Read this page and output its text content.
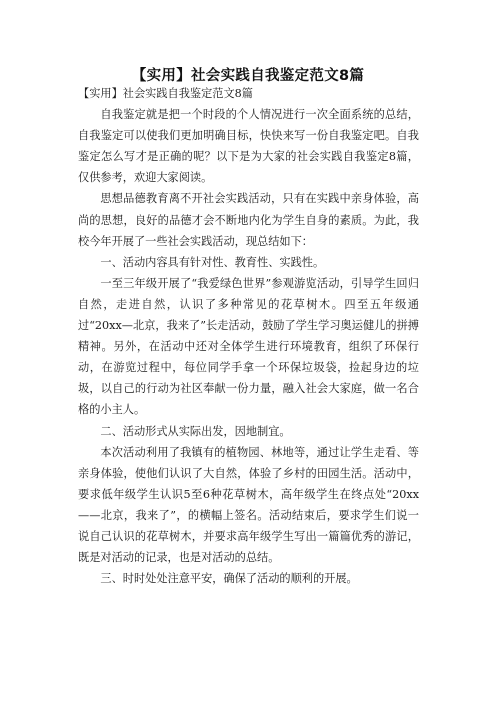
【实用】社会实践自我鉴定范文8篇

【实用】社会实践自我鉴定范文8篇

自我鉴定就是把一个时段的个人情况进行一次全面系统的总结，自我鉴定可以使我们更加明确目标，快快来写一份自我鉴定吧。自我鉴定怎么写才是正确的呢？以下是为大家的社会实践自我鉴定8篇，仅供参考，欢迎大家阅读。

思想品德教育离不开社会实践活动，只有在实践中亲身体验，高尚的思想，良好的品德才会不断地内化为学生自身的素质。为此，我校今年开展了一些社会实践活动，现总结如下：

一、活动内容具有针对性、教育性、实践性。

一至三年级开展了“我爱绿色世界”参观游览活动，引导学生回归自然，走进自然，认识了多种常见的花草树木。四至五年级通过“20xx—北京，我来了”长走活动，鼓励了学生学习奥运健儿的拼搏精神。另外，在活动中还对全体学生进行环境教育，组织了环保行动，在游览过程中，每位同学手拿一个环保垃圾袋，捡起身边的垃圾，以自己的行动为社区奉献一份力量，融入社会大家庭，做一名合格的小主人。

二、活动形式从实际出发，因地制宜。

本次活动利用了我镇有的植物园、林地等，通过让学生走看、等亲身体验，使他们认识了大自然，体验了乡村的田园生活。活动中，要求低年级学生认识5至6种花草树木，高年级学生在终点处“20xx——北京，我来了”，的横幅上签名。活动结束后，要求学生们说一说自己认识的花草树木，并要求高年级学生写出一篇篇优秀的游记，既是对活动的记录，也是对活动的总结。

三、时时处处注意平安，确保了活动的顺利的开展。
